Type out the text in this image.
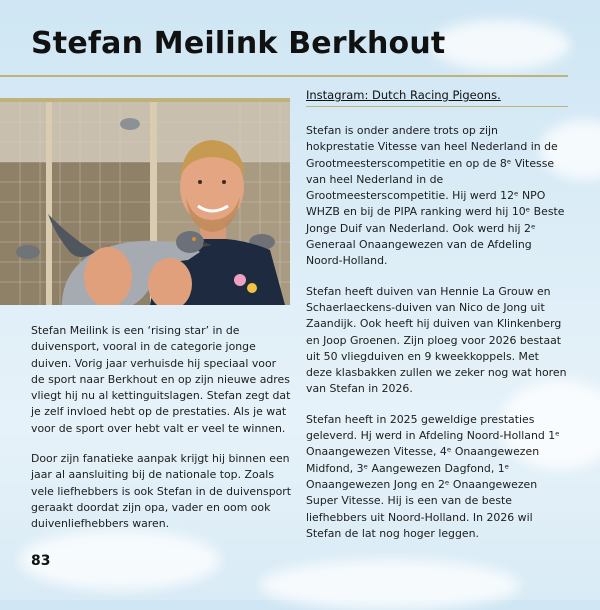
Stefan Meilink Berkhout

Instagram: Dutch Racing Pigeons.

Stefan Meilink is een ‘rising star’ in de duivensport, vooral in de categorie jonge duiven. Vorig jaar verhuisde hij speciaal voor de sport naar Berkhout en op zijn nieuwe adres vliegt hij nu al kettinguitslagen. Stefan zegt dat je zelf invloed hebt op de prestaties. Als je wat voor de sport over hebt valt er veel te winnen.

Door zijn fanatieke aanpak krijgt hij binnen een jaar al aansluiting bij de nationale top. Zoals vele liefhebbers is ook Stefan in de duivensport geraakt doordat zijn opa, vader en oom ook duivenliefhebbers waren.

Stefan is onder andere trots op zijn hokprestatie Vitesse van heel Nederland in de Grootmeesterscompetitie en op de 8ᵉ Vitesse van heel Nederland in de Grootmeesterscompetitie. Hij werd 12ᵉ NPO WHZB en bij de PIPA ranking werd hij 10ᵉ Beste Jonge Duif van Nederland. Ook werd hij 2ᵉ Generaal Onaangewezen van de Afdeling Noord-Holland.

Stefan heeft duiven van Hennie La Grouw en Schaerlaeckens-duiven van Nico de Jong uit Zaandijk. Ook heeft hij duiven van Klinkenberg en Joop Groenen. Zijn ploeg voor 2026 bestaat uit 50 vliegduiven en 9 kweekkoppels. Met deze klasbakken zullen we zeker nog wat horen van Stefan in 2026.

Stefan heeft in 2025 geweldige prestaties geleverd. Hj werd in Afdeling Noord-Holland 1ᵉ Onaangewezen Vitesse, 4ᵉ Onaangewezen Midfond, 3ᵉ Aangewezen Dagfond, 1ᵉ Onaangewezen Jong en 2ᵉ Onaangewezen Super Vitesse. Hij is een van de beste liefhebbers uit Noord-Holland. In 2026 wil Stefan de lat nog hoger leggen.

83
